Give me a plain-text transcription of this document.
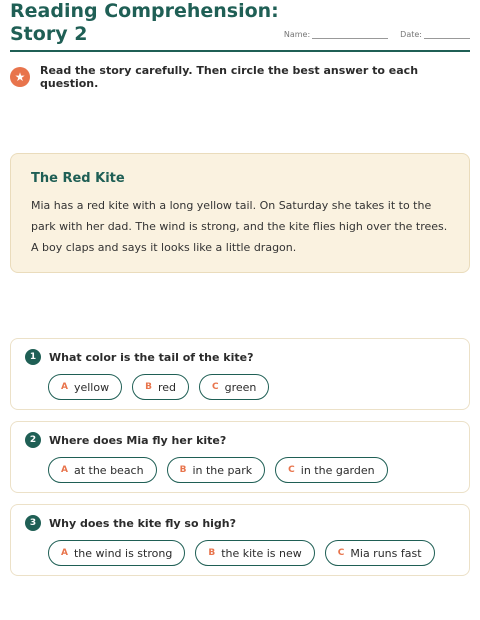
Reading Comprehension:
Story 2	Name:	Date:
★	Read the story carefully. Then circle the best answer to each question.
The Red Kite
Mia has a red kite with a long yellow tail. On Saturday she takes it to the park with her dad. The wind is strong, and the kite flies high over the trees. A boy claps and says it looks like a little dragon.
1	What color is the tail of the kite?
A yellow	B red	C green
2	Where does Mia fly her kite?
A at the beach	B in the park	C in the garden
3	Why does the kite fly so high?
A the wind is strong	B the kite is new	C Mia runs fast
